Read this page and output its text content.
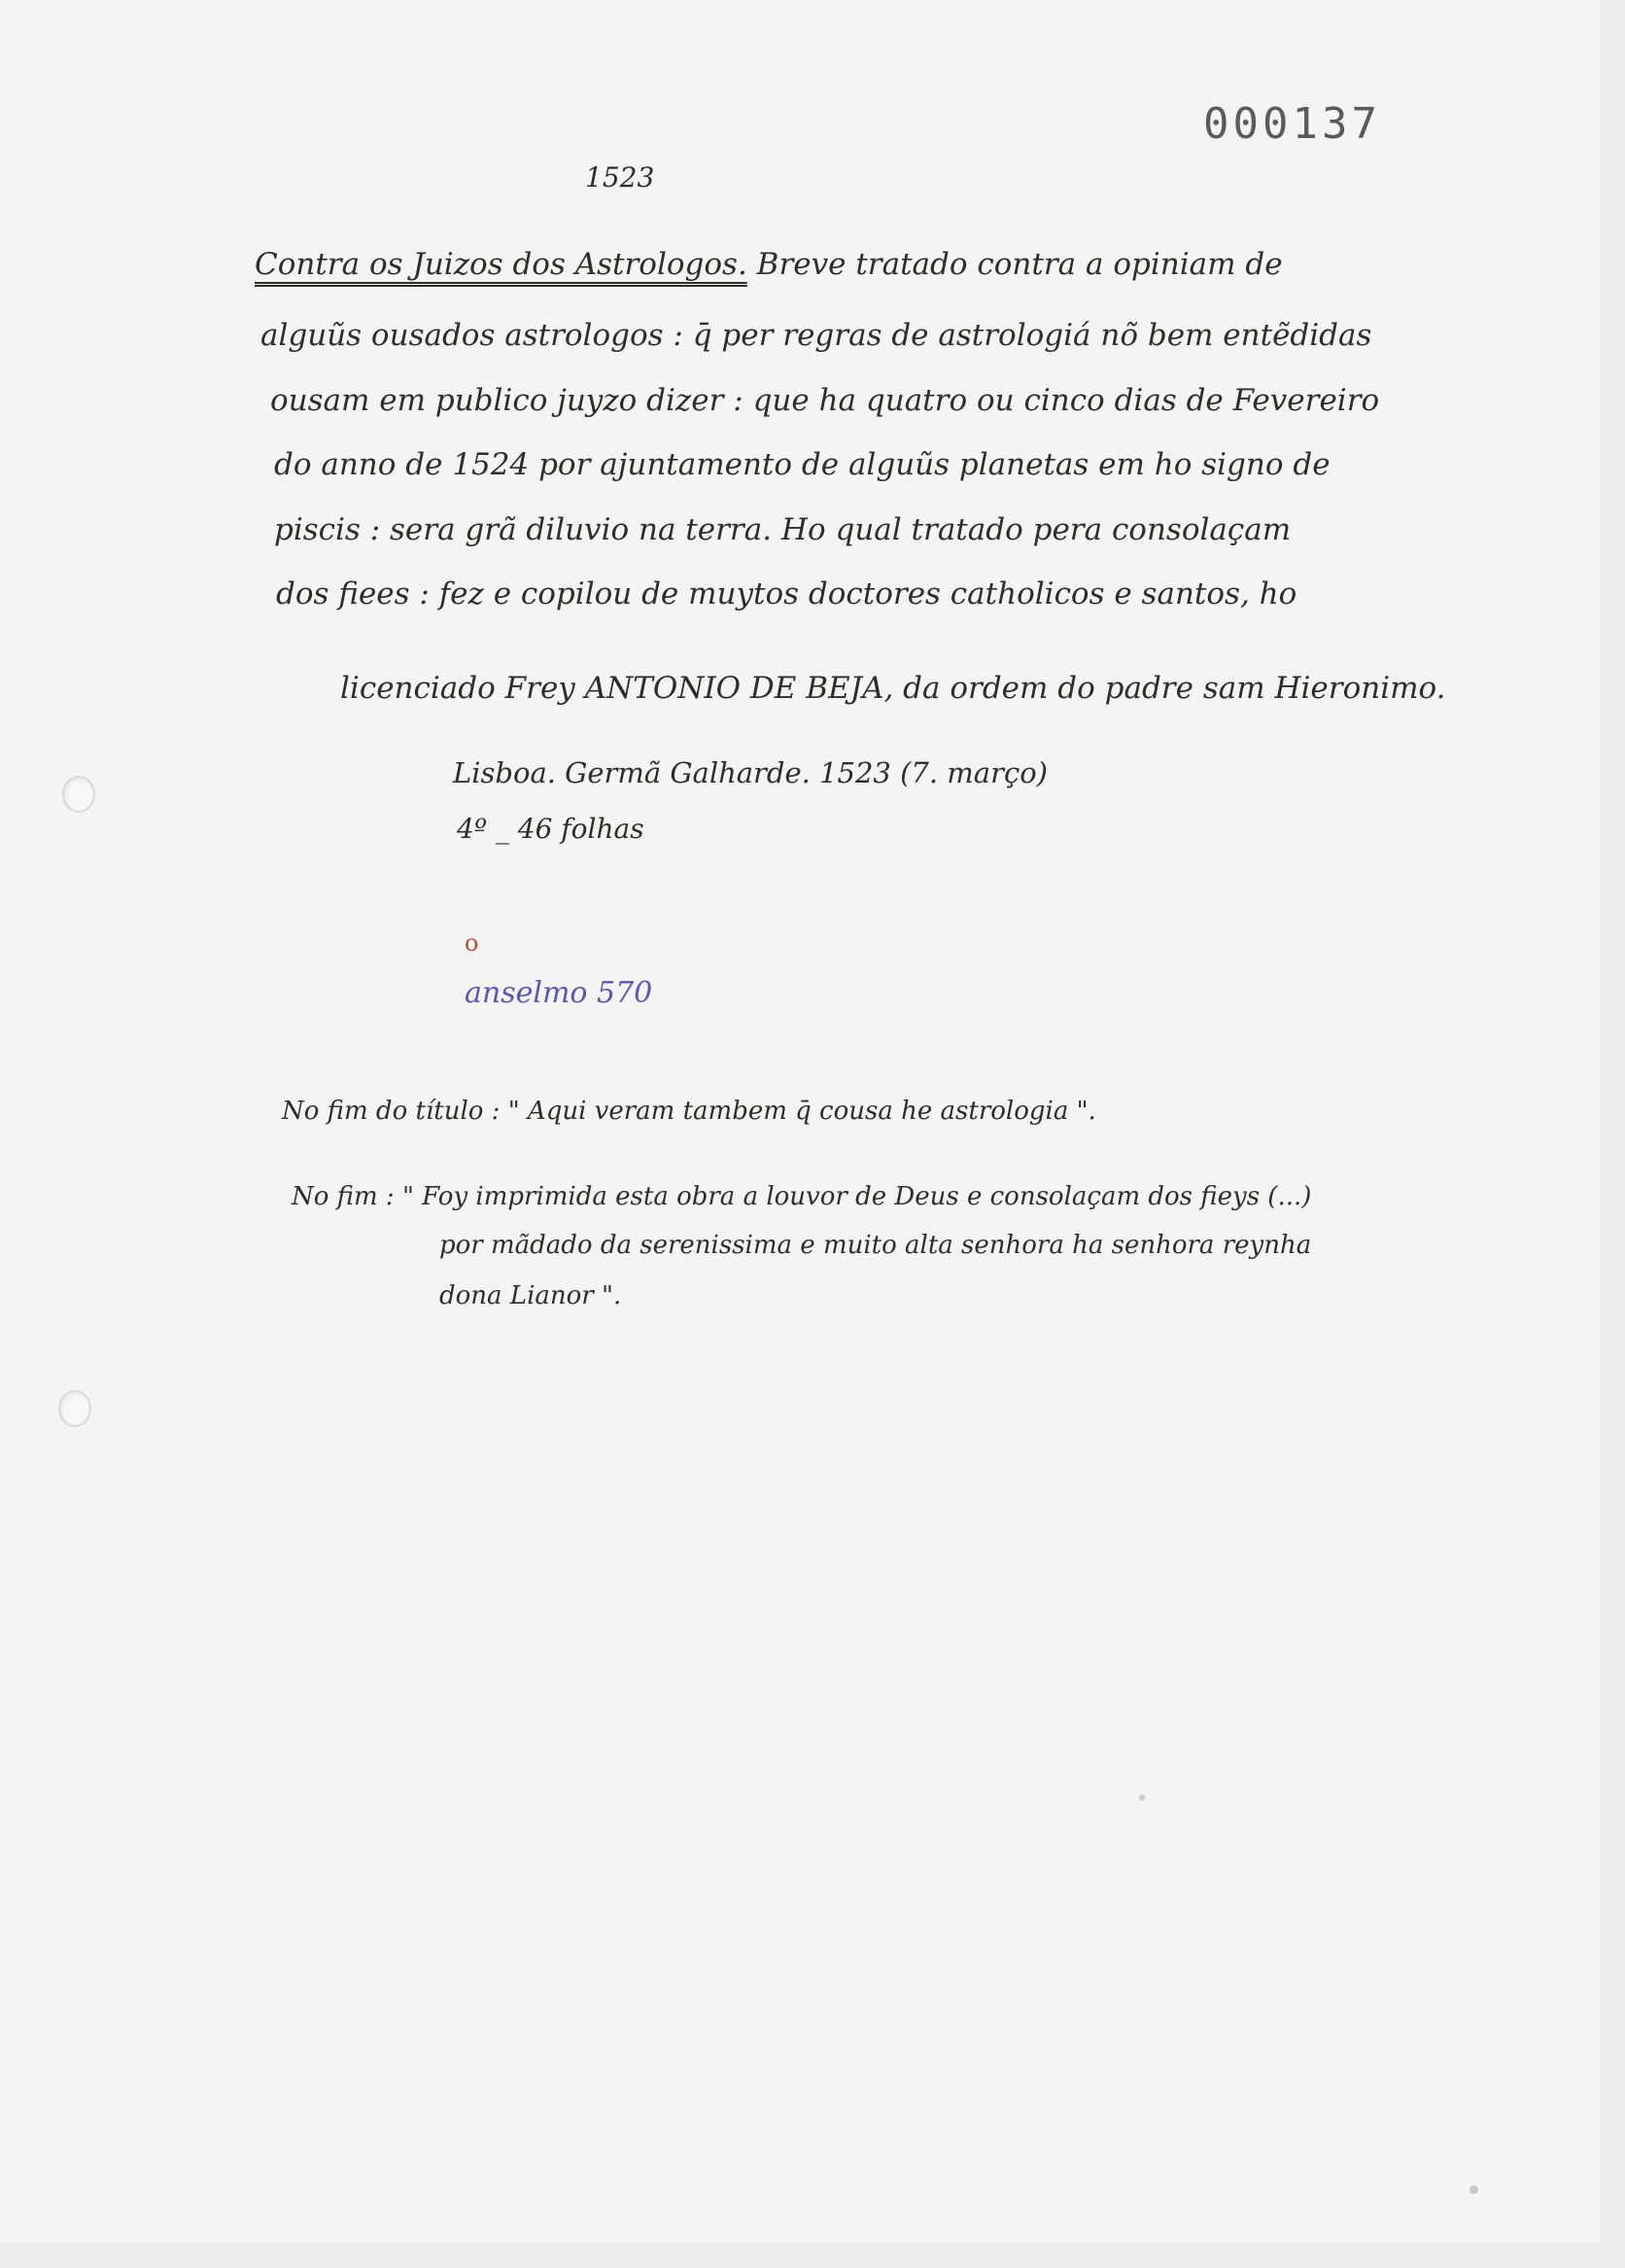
000137
1523
Contra os Juizos dos Astrologos. Breve tratado contra a opiniam de
alguũs ousados astrologos : q̄ per regras de astrologiá nõ bem entẽdidas
ousam em publico juyzo dizer : que ha quatro ou cinco dias de Fevereiro
do anno de 1524 por ajuntamento de alguũs planetas em ho signo de
piscis : sera grã diluvio na terra. Ho qual tratado pera consolaçam
dos fiees : fez e copilou de muytos doctores catholicos e santos, ho
licenciado Frey ANTONIO DE BEJA, da ordem do padre sam Hieronimo.
Lisboa. Germã Galharde. 1523 (7. março)
4º _ 46 folhas
o
anselmo 570
No fim do título : " Aqui veram tambem q̄ cousa he astrologia ".
No fim : " Foy imprimida esta obra a louvor de Deus e consolaçam dos fieys (...)
por mãdado da serenissima e muito alta senhora ha senhora reynha
dona Lianor ".
